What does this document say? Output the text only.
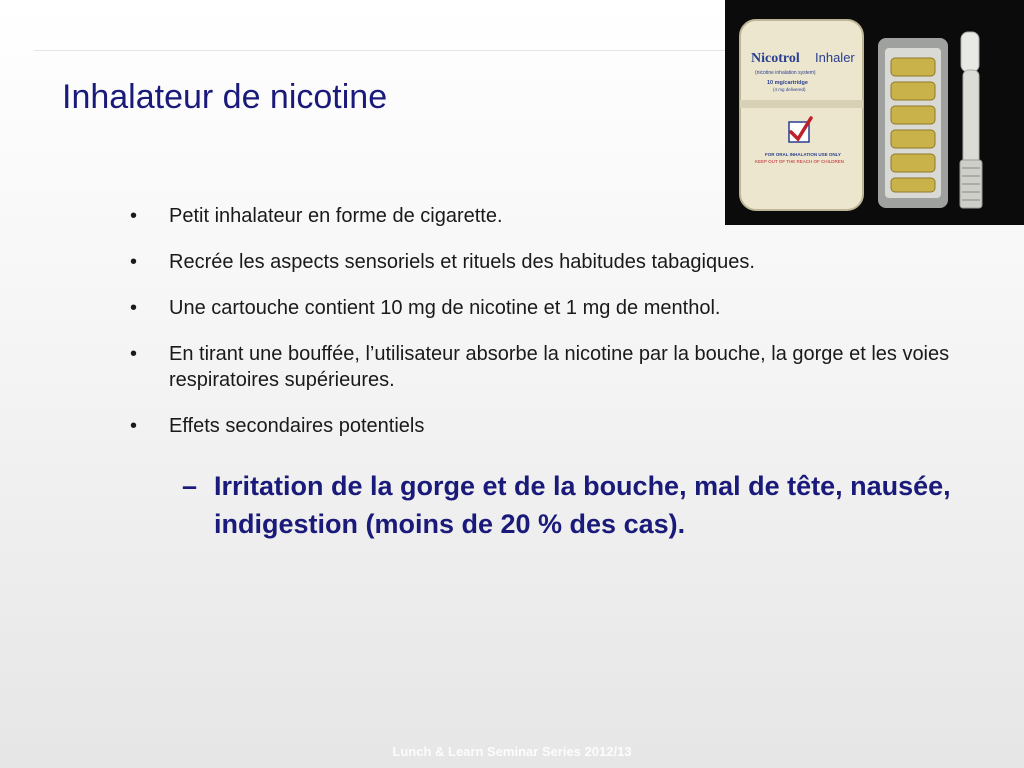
Inhalateur de nicotine
Nicotrol Inhaler
(nicotine inhalation system)
10 mg/cartridge
(4 mg delivered)
FOR ORAL INHALATION USE ONLY
KEEP OUT OF THE REACH OF CHILDREN
•	Petit inhalateur en forme de cigarette.
•	Recrée les aspects sensoriels et rituels des habitudes tabagiques.
•	Une cartouche contient 10 mg de nicotine et 1 mg de menthol.
•	En tirant une bouffée, l’utilisateur absorbe la nicotine par la bouche, la gorge et les voies respiratoires supérieures.
•	Effets secondaires potentiels
– Irritation de la gorge et de la bouche, mal de tête, nausée, indigestion (moins de 20 % des cas).
Lunch & Learn Seminar Series 2012/13
